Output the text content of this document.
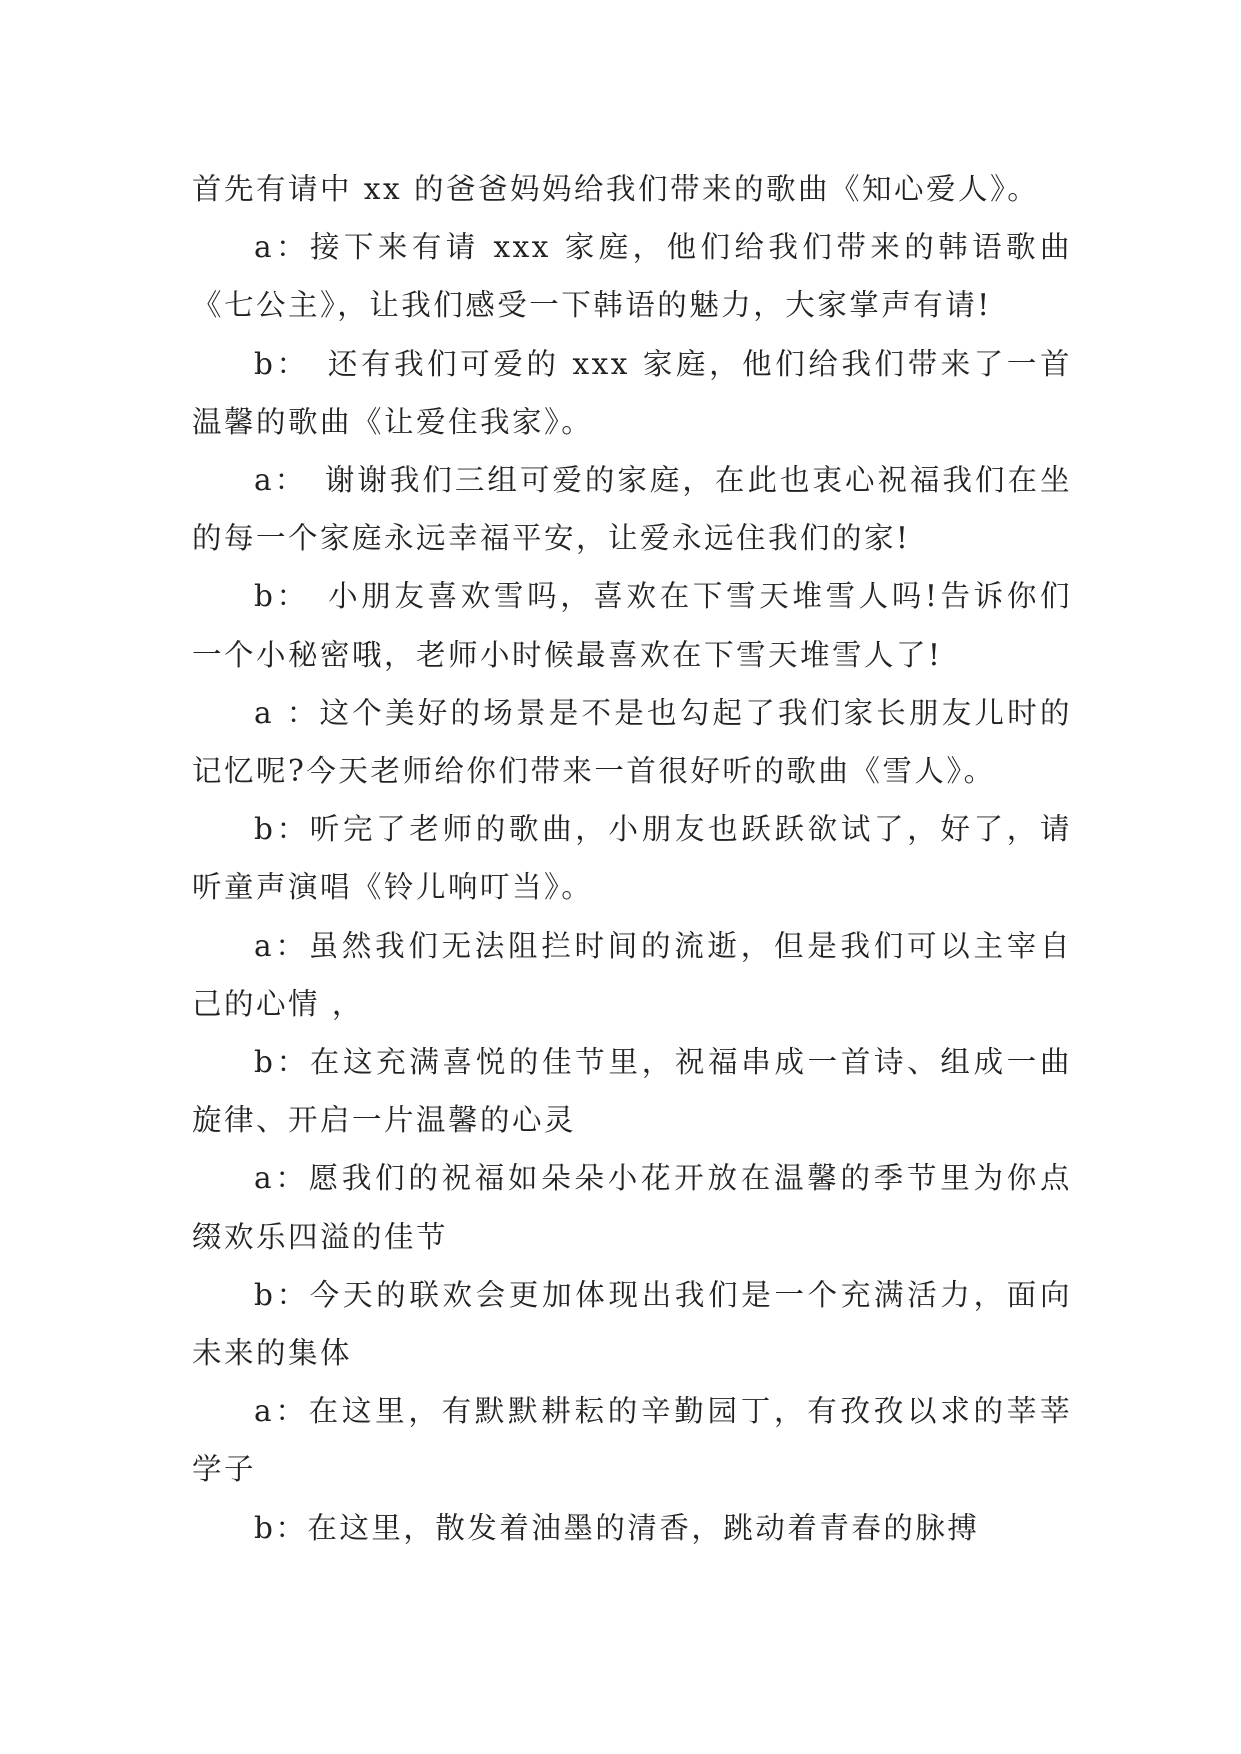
首先有请中 xx 的爸爸妈妈给我们带来的歌曲《知心爱人》。

a：接下来有请 xxx 家庭，他们给我们带来的韩语歌曲《七公主》，让我们感受一下韩语的魅力，大家掌声有请!

b：　还有我们可爱的 xxx 家庭，他们给我们带来了一首温馨的歌曲《让爱住我家》。

a：　谢谢我们三组可爱的家庭，在此也衷心祝福我们在坐的每一个家庭永远幸福平安，让爱永远住我们的家!

b：　小朋友喜欢雪吗，喜欢在下雪天堆雪人吗!告诉你们一个小秘密哦，老师小时候最喜欢在下雪天堆雪人了!

a ：这个美好的场景是不是也勾起了我们家长朋友儿时的记忆呢?今天老师给你们带来一首很好听的歌曲《雪人》。

b：听完了老师的歌曲，小朋友也跃跃欲试了，好了，请听童声演唱《铃儿响叮当》。

a：虽然我们无法阻拦时间的流逝，但是我们可以主宰自己的心情 ，

b：在这充满喜悦的佳节里，祝福串成一首诗、组成一曲旋律、开启一片温馨的心灵

a：愿我们的祝福如朵朵小花开放在温馨的季节里为你点缀欢乐四溢的佳节

b：今天的联欢会更加体现出我们是一个充满活力，面向未来的集体

a：在这里，有默默耕耘的辛勤园丁，有孜孜以求的莘莘学子

b：在这里，散发着油墨的清香，跳动着青春的脉搏
